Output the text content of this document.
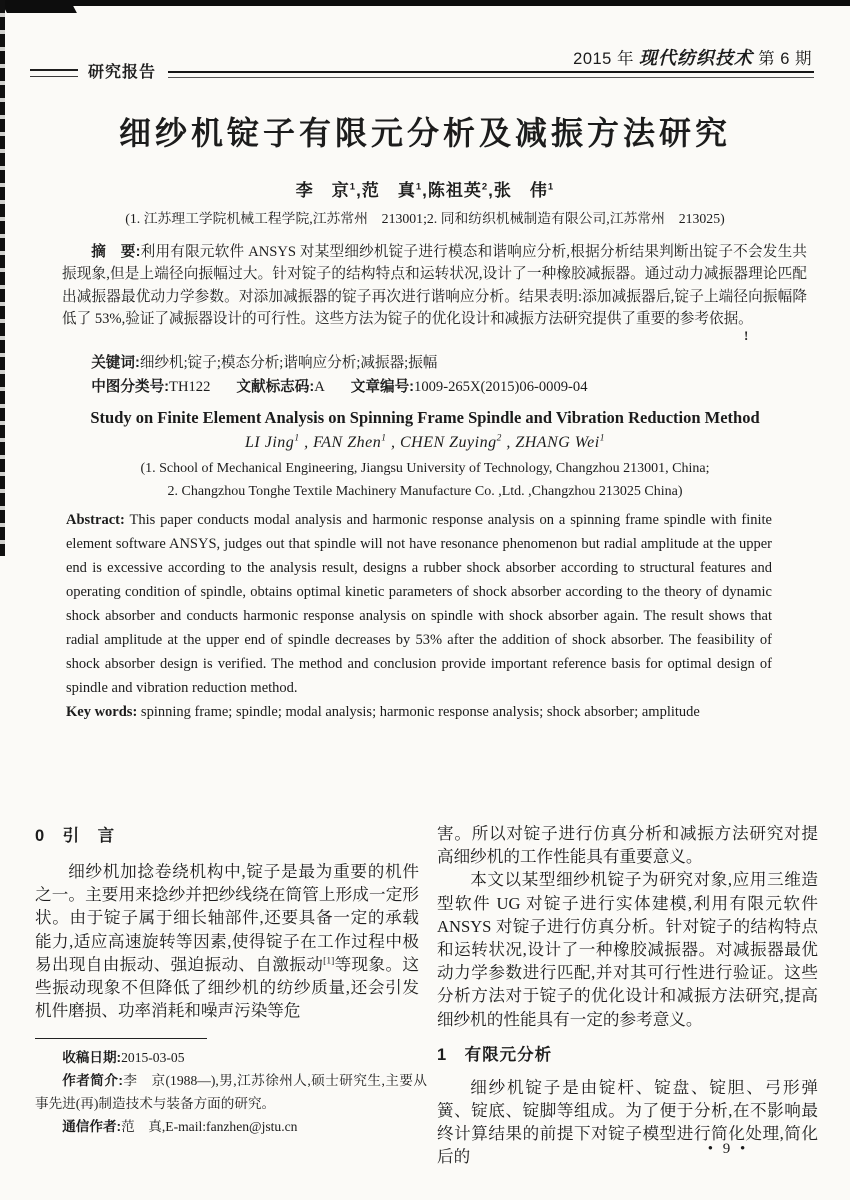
!
研究报告
2015 年 现代纺织技术 第 6 期
细纱机锭子有限元分析及减振方法研究
李　京$^1$,范　真$^1$,陈祖英$^2$,张　伟$^1$
(1. 江苏理工学院机械工程学院,江苏常州　213001;2. 同和纺织机械制造有限公司,江苏常州　213025)

摘　要:利用有限元软件 ANSYS 对某型细纱机锭子进行模态和谐响应分析,根据分析结果判断出锭子不会发生共振现象,但是上端径向振幅过大。针对锭子的结构特点和运转状况,设计了一种橡胶减振器。通过动力减振器理论匹配出减振器最优动力学参数。对添加减振器的锭子再次进行谐响应分析。结果表明:添加减振器后,锭子上端径向振幅降低了 53%,验证了减振器设计的可行性。这些方法为锭子的优化设计和减振方法研究提供了重要的参考依据。

关键词:细纱机;锭子;模态分析;谐响应分析;减振器;振幅
中图分类号:TH122 文献标志码:A 文章编号:1009-265X(2015)06-0009-04
Study on Finite Element Analysis on Spinning Frame Spindle and Vibration Reduction Method
LI Jing$^1$ , FAN Zhen$^1$ , CHEN Zuying$^2$ , ZHANG Wei$^1$
(1. School of Mechanical Engineering, Jiangsu University of Technology, Changzhou 213001, China;
2. Changzhou Tonghe Textile Machinery Manufacture Co. ,Ltd. ,Changzhou 213025 China)

Abstract: This paper conducts modal analysis and harmonic response analysis on a spinning frame spindle with finite element software ANSYS, judges out that spindle will not have resonance phenomenon but radial amplitude at the upper end is excessive according to the analysis result, designs a rubber shock absorber according to structural features and operating condition of spindle, obtains optimal kinetic parameters of shock absorber according to the theory of dynamic shock absorber and conducts harmonic response analysis on spindle with shock absorber again. The result shows that radial amplitude at the upper end of spindle decreases by 53% after the addition of shock absorber. The feasibility of shock absorber design is verified. The method and conclusion provide important reference basis for optimal design of spindle and vibration reduction method.

Key words: spinning frame; spindle; modal analysis; harmonic response analysis; shock absorber; amplitude

0　引　言

细纱机加捻卷绕机构中,锭子是最为重要的机件之一。主要用来捻纱并把纱线绕在筒管上形成一定形状。由于锭子属于细长轴部件,还要具备一定的承载能力,适应高速旋转等因素,使得锭子在工作过程中极易出现自由振动、强迫振动、自激振动[1]等现象。这些振动现象不但降低了细纱机的纺纱质量,还会引发机件磨损、功率消耗和噪声污染等危

害。所以对锭子进行仿真分析和减振方法研究对提高细纱机的工作性能具有重要意义。

本文以某型细纱机锭子为研究对象,应用三维造型软件 UG 对锭子进行实体建模,利用有限元软件 ANSYS 对锭子进行仿真分析。针对锭子的结构特点和运转状况,设计了一种橡胶减振器。对减振器最优动力学参数进行匹配,并对其可行性进行验证。这些分析方法对于锭子的优化设计和减振方法研究,提高细纱机的性能具有一定的参考意义。

1　有限元分析

细纱机锭子是由锭杆、锭盘、锭胆、弓形弹簧、锭底、锭脚等组成。为了便于分析,在不影响最终计算结果的前提下对锭子模型进行简化处理,简化后的

收稿日期:2015-03-05

作者简介:李　京(1988—),男,江苏徐州人,硕士研究生,主要从事先进(再)制造技术与装备方面的研究。

通信作者:范　真,E-mail:fanzhen@jstu.cn

• 9 •
